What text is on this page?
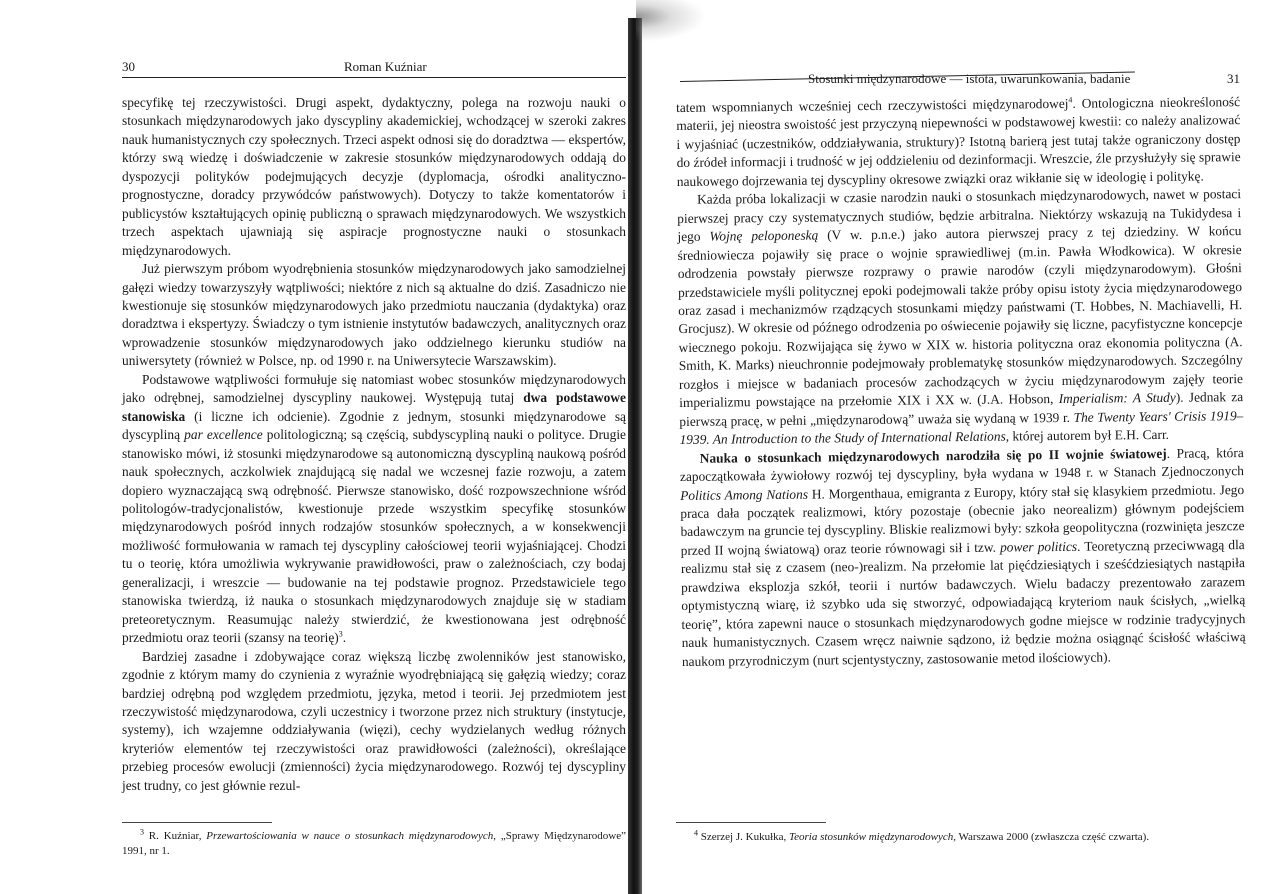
30	Roman Kuźniar

specyfikę tej rzeczywistości. Drugi aspekt, dydaktyczny, polega na rozwoju nauki o stosunkach międzynarodowych jako dyscypliny akademickiej, wchodzącej w szeroki zakres nauk humanistycznych czy społecznych. Trzeci aspekt odnosi się do doradztwa — ekspertów, którzy swą wiedzę i doświadczenie w zakresie stosunków międzynarodowych oddają do dyspozycji polityków podejmujących decyzje (dyplomacja, ośrodki analityczno-prognostyczne, doradcy przywódców państwowych). Dotyczy to także komentatorów i publicystów kształtujących opinię publiczną o sprawach międzynarodowych. We wszystkich trzech aspektach ujawniają się aspiracje prognostyczne nauki o stosunkach międzynarodowych.

Już pierwszym próbom wyodrębnienia stosunków międzynarodowych jako samodzielnej gałęzi wiedzy towarzyszyły wątpliwości; niektóre z nich są aktualne do dziś. Zasadniczo nie kwestionuje się stosunków międzynarodowych jako przedmiotu nauczania (dydaktyka) oraz doradztwa i ekspertyzy. Świadczy o tym istnienie instytutów badawczych, analitycznych oraz wprowadzenie stosunków międzynarodowych jako oddzielnego kierunku studiów na uniwersytety (również w Polsce, np. od 1990 r. na Uniwersytecie Warszawskim).

Podstawowe wątpliwości formułuje się natomiast wobec stosunków międzynarodowych jako odrębnej, samodzielnej dyscypliny naukowej. Występują tutaj dwa podstawowe stanowiska (i liczne ich odcienie). Zgodnie z jednym, stosunki międzynarodowe są dyscypliną par excellence politologiczną; są częścią, subdyscypliną nauki o polityce. Drugie stanowisko mówi, iż stosunki międzynarodowe są autonomiczną dyscypliną naukową pośród nauk społecznych, aczkolwiek znajdującą się nadal we wczesnej fazie rozwoju, a zatem dopiero wyznaczającą swą odrębność. Pierwsze stanowisko, dość rozpowszechnione wśród politologów-tradycjonalistów, kwestionuje przede wszystkim specyfikę stosunków międzynarodowych pośród innych rodzajów stosunków społecznych, a w konsekwencji możliwość formułowania w ramach tej dyscypliny całościowej teorii wyjaśniającej. Chodzi tu o teorię, która umożliwia wykrywanie prawidłowości, praw o zależnościach, czy bodaj generalizacji, i wreszcie — budowanie na tej podstawie prognoz. Przedstawiciele tego stanowiska twierdzą, iż nauka o stosunkach międzynarodowych znajduje się w stadiam preteoretycznym. Reasumując należy stwierdzić, że kwestionowana jest odrębność przedmiotu oraz teorii (szansy na teorię)$^3$.

Bardziej zasadne i zdobywające coraz większą liczbę zwolenników jest stanowisko, zgodnie z którym mamy do czynienia z wyraźnie wyodrębniającą się gałęzią wiedzy; coraz bardziej odrębną pod względem przedmiotu, języka, metod i teorii. Jej przedmiotem jest rzeczywistość międzynarodowa, czyli uczestnicy i tworzone przez nich struktury (instytucje, systemy), ich wzajemne oddziaływania (więzi), cechy wydzielanych według różnych kryteriów elementów tej rzeczywistości oraz prawidłowości (zależności), określające przebieg procesów ewolucji (zmienności) życia międzynarodowego. Rozwój tej dyscypliny jest trudny, co jest głównie rezul-

$^3$ R. Kuźniar, Przewartościowania w nauce o stosunkach międzynarodowych, „Sprawy Międzynarodowe” 1991, nr 1.

Stosunki międzynarodowe — istota, uwarunkowania, badanie	31

tatem wspomnianych wcześniej cech rzeczywistości międzynarodowej$^4$. Ontologiczna nieokreśloność materii, jej nieostra swoistość jest przyczyną niepewności w podstawowej kwestii: co należy analizować i wyjaśniać (uczestników, oddziaływania, struktury)? Istotną barierą jest tutaj także ograniczony dostęp do źródeł informacji i trudność w jej oddzieleniu od dezinformacji. Wreszcie, źle przysłużyły się sprawie naukowego dojrzewania tej dyscypliny okresowe związki oraz wikłanie się w ideologię i politykę.

Każda próba lokalizacji w czasie narodzin nauki o stosunkach międzynarodowych, nawet w postaci pierwszej pracy czy systematycznych studiów, będzie arbitralna. Niektórzy wskazują na Tukidydesa i jego Wojnę peloponeską (V w. p.n.e.) jako autora pierwszej pracy z tej dziedziny. W końcu średniowiecza pojawiły się prace o wojnie sprawiedliwej (m.in. Pawła Włodkowica). W okresie odrodzenia powstały pierwsze rozprawy o prawie narodów (czyli międzynarodowym). Głośni przedstawiciele myśli politycznej epoki podejmowali także próby opisu istoty życia międzynarodowego oraz zasad i mechanizmów rządzących stosunkami między państwami (T. Hobbes, N. Machiavelli, H. Grocjusz). W okresie od późnego odrodzenia po oświecenie pojawiły się liczne, pacyfistyczne koncepcje wiecznego pokoju. Rozwijająca się żywo w XIX w. historia polityczna oraz ekonomia polityczna (A. Smith, K. Marks) nieuchronnie podejmowały problematykę stosunków międzynarodowych. Szczególny rozgłos i miejsce w badaniach procesów zachodzących w życiu międzynarodowym zajęły teorie imperializmu powstające na przełomie XIX i XX w. (J.A. Hobson, Imperialism: A Study). Jednak za pierwszą pracę, w pełni „międzynarodową” uważa się wydaną w 1939 r. The Twenty Years' Crisis 1919–1939. An Introduction to the Study of International Relations, której autorem był E.H. Carr.

Nauka o stosunkach międzynarodowych narodziła się po II wojnie światowej. Pracą, która zapoczątkowała żywiołowy rozwój tej dyscypliny, była wydana w 1948 r. w Stanach Zjednoczonych Politics Among Nations H. Morgenthaua, emigranta z Europy, który stał się klasykiem przedmiotu. Jego praca dała początek realizmowi, który pozostaje (obecnie jako neorealizm) głównym podejściem badawczym na gruncie tej dyscypliny. Bliskie realizmowi były: szkoła geopolityczna (rozwinięta jeszcze przed II wojną światową) oraz teorie równowagi sił i tzw. power politics. Teoretyczną przeciwwagą dla realizmu stał się z czasem (neo-)realizm. Na przełomie lat pięćdziesiątych i sześćdziesiątych nastąpiła prawdziwa eksplozja szkół, teorii i nurtów badawczych. Wielu badaczy prezentowało zarazem optymistyczną wiarę, iż szybko uda się stworzyć, odpowiadającą kryteriom nauk ścisłych, „wielką teorię”, która zapewni nauce o stosunkach międzynarodowych godne miejsce w rodzinie tradycyjnych nauk humanistycznych. Czasem wręcz naiwnie sądzono, iż będzie można osiągnąć ścisłość właściwą naukom przyrodniczym (nurt scjentystyczny, zastosowanie metod ilościowych).

$^4$ Szerzej J. Kukułka, Teoria stosunków międzynarodowych, Warszawa 2000 (zwłaszcza część czwarta).
